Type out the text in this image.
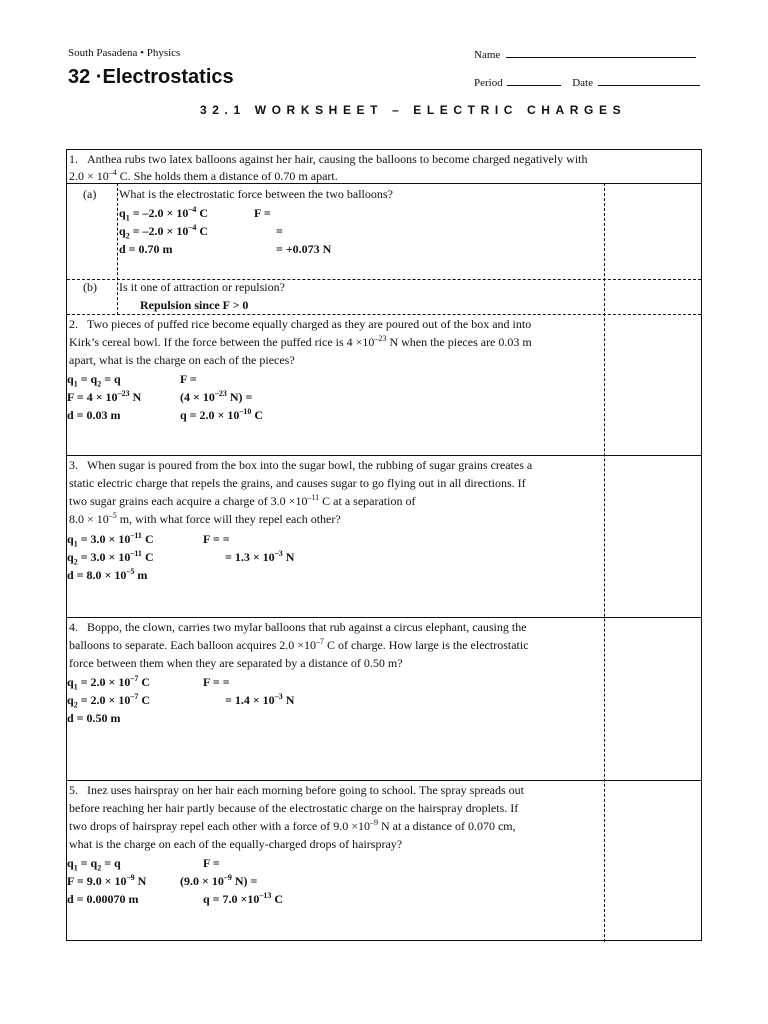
South Pasadena • Physics
32 ·Electrostatics
Name
Period	Date
32.1 WORKSHEET – ELECTRIC CHARGES
1. Anthea rubs two latex balloons against her hair, causing the balloons to become charged negatively with
$2.0 \times 10^{-4}$ C. She holds them a distance of 0.70 m apart.
(a) What is the electrostatic force between the two balloons?
$q_1 = -2.0 \times 10^{-4}$ C	F =
$q_2 = -2.0 \times 10^{-4}$ C	=
d = 0.70 m	= +0.073 N
(b) Is it one of attraction or repulsion?
Repulsion since F > 0
2. Two pieces of puffed rice become equally charged as they are poured out of the box and into
Kirk’s cereal bowl. If the force between the puffed rice is $4 \times 10^{-23}$ N when the pieces are 0.03 m
apart, what is the charge on each of the pieces?
$q_1 = q_2 = q$	F =
$F = 4 \times 10^{-23}$ N	($4 \times 10^{-23}$ N) =
d = 0.03 m	$q = 2.0 \times 10^{-10}$ C
3. When sugar is poured from the box into the sugar bowl, the rubbing of sugar grains creates a
static electric charge that repels the grains, and causes sugar to go flying out in all directions. If
two sugar grains each acquire a charge of $3.0 \times 10^{-11}$ C at a separation of
$8.0 \times 10^{-5}$ m, with what force will they repel each other?
$q_1 = 3.0 \times 10^{-11}$ C	F = =
$q_2 = 3.0 \times 10^{-11}$ C	= $1.3 \times 10^{-3}$ N
$d = 8.0 \times 10^{-5}$ m
4. Boppo, the clown, carries two mylar balloons that rub against a circus elephant, causing the
balloons to separate. Each balloon acquires $2.0 \times 10^{-7}$ C of charge. How large is the electrostatic
force between them when they are separated by a distance of 0.50 m?
$q_1 = 2.0 \times 10^{-7}$ C	F = =
$q_2 = 2.0 \times 10^{-7}$ C	= $1.4 \times 10^{-3}$ N
d = 0.50 m
5. Inez uses hairspray on her hair each morning before going to school. The spray spreads out
before reaching her hair partly because of the electrostatic charge on the hairspray droplets. If
two drops of hairspray repel each other with a force of $9.0 \times 10^{-9}$ N at a distance of 0.070 cm,
what is the charge on each of the equally-charged drops of hairspray?
$q_1 = q_2 = q$	F =
$F = 9.0 \times 10^{-9}$ N	($9.0 \times 10^{-9}$ N) =
d = 0.00070 m	$q = 7.0 \times 10^{-13}$ C
